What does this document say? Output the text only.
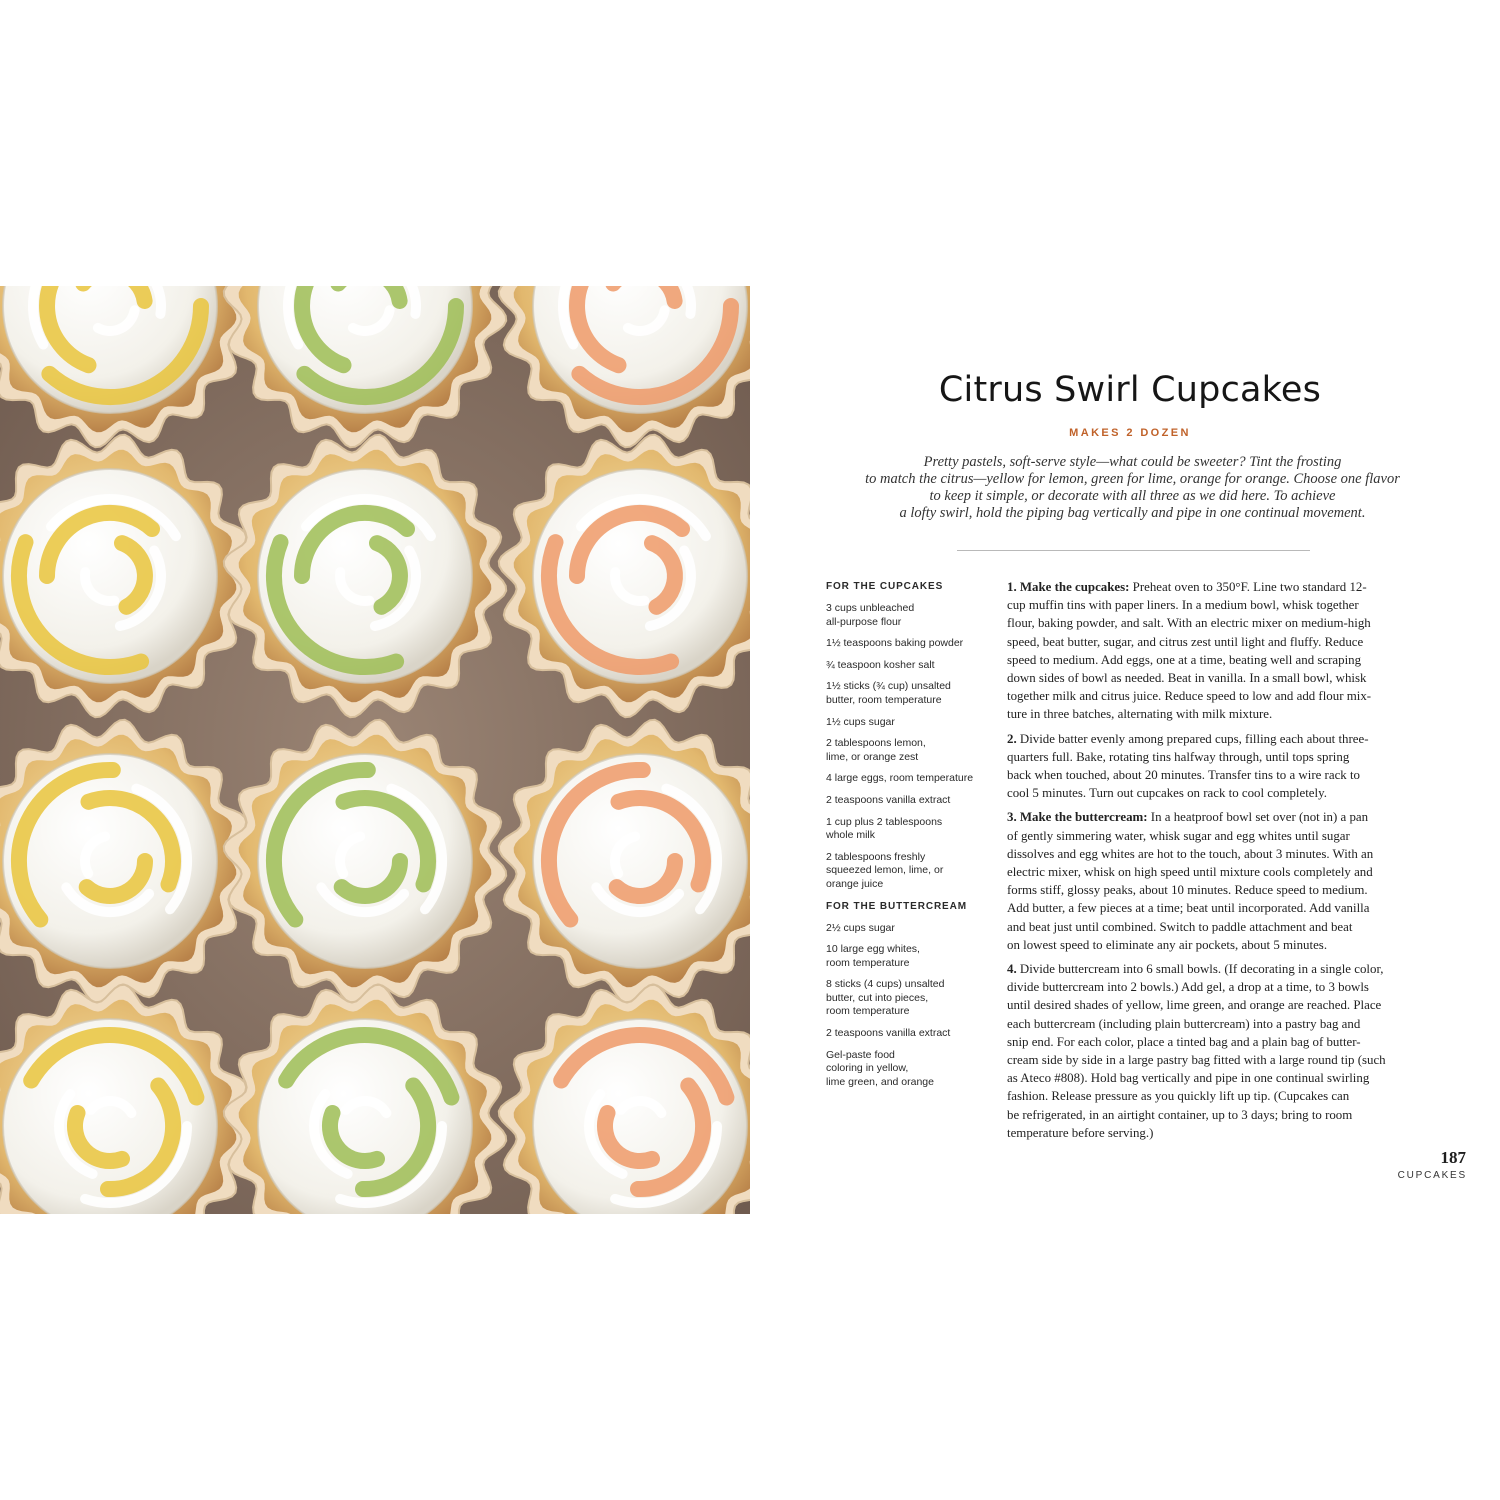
Citrus Swirl Cupcakes
MAKES 2 DOZEN
Pretty pastels, soft-serve style—what could be sweeter? Tint the frosting
to match the citrus—yellow for lemon, green for lime, orange for orange. Choose one flavor
to keep it simple, or decorate with all three as we did here. To achieve
a lofty swirl, hold the piping bag vertically and pipe in one continual movement.
FOR THE CUPCAKES
3 cups unbleached
all-purpose flour
1½ teaspoons baking powder
¾ teaspoon kosher salt
1½ sticks (¾ cup) unsalted
butter, room temperature
1½ cups sugar
2 tablespoons lemon,
lime, or orange zest
4 large eggs, room temperature
2 teaspoons vanilla extract
1 cup plus 2 tablespoons
whole milk
2 tablespoons freshly
squeezed lemon, lime, or
orange juice
FOR THE BUTTERCREAM
2½ cups sugar
10 large egg whites,
room temperature
8 sticks (4 cups) unsalted
butter, cut into pieces,
room temperature
2 teaspoons vanilla extract
Gel-paste food
coloring in yellow,
lime green, and orange
1. Make the cupcakes: Preheat oven to 350°F. Line two standard 12-
cup muffin tins with paper liners. In a medium bowl, whisk together
flour, baking powder, and salt. With an electric mixer on medium-high
speed, beat butter, sugar, and citrus zest until light and fluffy. Reduce
speed to medium. Add eggs, one at a time, beating well and scraping
down sides of bowl as needed. Beat in vanilla. In a small bowl, whisk
together milk and citrus juice. Reduce speed to low and add flour mix-
ture in three batches, alternating with milk mixture.
2. Divide batter evenly among prepared cups, filling each about three-
quarters full. Bake, rotating tins halfway through, until tops spring
back when touched, about 20 minutes. Transfer tins to a wire rack to
cool 5 minutes. Turn out cupcakes on rack to cool completely.
3. Make the buttercream: In a heatproof bowl set over (not in) a pan
of gently simmering water, whisk sugar and egg whites until sugar
dissolves and egg whites are hot to the touch, about 3 minutes. With an
electric mixer, whisk on high speed until mixture cools completely and
forms stiff, glossy peaks, about 10 minutes. Reduce speed to medium.
Add butter, a few pieces at a time; beat until incorporated. Add vanilla
and beat just until combined. Switch to paddle attachment and beat
on lowest speed to eliminate any air pockets, about 5 minutes.
4. Divide buttercream into 6 small bowls. (If decorating in a single color,
divide buttercream into 2 bowls.) Add gel, a drop at a time, to 3 bowls
until desired shades of yellow, lime green, and orange are reached. Place
each buttercream (including plain buttercream) into a pastry bag and
snip end. For each color, place a tinted bag and a plain bag of butter-
cream side by side in a large pastry bag fitted with a large round tip (such
as Ateco #808). Hold bag vertically and pipe in one continual swirling
fashion. Release pressure as you quickly lift up tip. (Cupcakes can
be refrigerated, in an airtight container, up to 3 days; bring to room
temperature before serving.)
187
CUPCAKES
